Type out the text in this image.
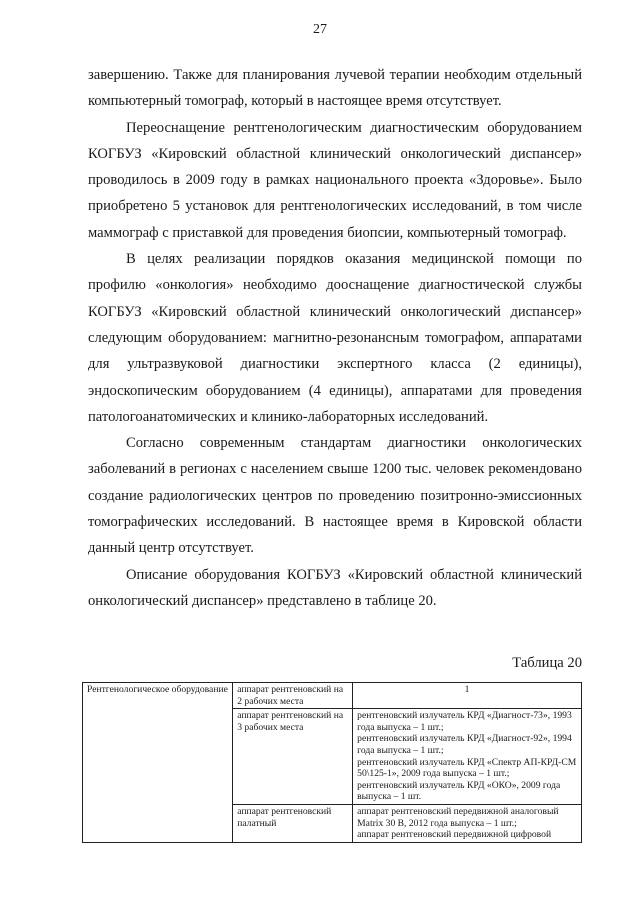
27

завершению. Также для планирования лучевой терапии необходим отдельный компьютерный томограф, который в настоящее время отсутствует.

Переоснащение рентгенологическим диагностическим оборудованием КОГБУЗ «Кировский областной клинический онкологический диспансер» проводилось в 2009 году в рамках национального проекта «Здоровье». Было приобретено 5 установок для рентгенологических исследований, в том числе маммограф с приставкой для проведения биопсии, компьютерный томограф.

В целях реализации порядков оказания медицинской помощи по профилю «онкология» необходимо дооснащение диагностической службы КОГБУЗ «Кировский областной клинический онкологический диспансер» следующим оборудованием: магнитно-резонансным томографом, аппаратами для ультразвуковой диагностики экспертного класса (2 единицы), эндоскопическим оборудованием (4 единицы), аппаратами для проведения патологоанатомических и клинико-лабораторных исследований.

Согласно современным стандартам диагностики онкологических заболеваний в регионах с населением свыше 1200 тыс. человек рекомендовано создание радиологических центров по проведению позитронно-эмиссионных томографических исследований. В настоящее время в Кировской области данный центр отсутствует.

Описание оборудования КОГБУЗ «Кировский областной клинический онкологический диспансер» представлено в таблице 20.

Таблица 20
Рентгенологическое оборудование	аппарат рентгеновский на 2 рабочих места	1

	аппарат рентгеновский на 3 рабочих места	рентгеновский излучатель КРД «Диагност-73», 1993 года выпуска – 1 шт.;
рентгеновский излучатель КРД «Диагност-92», 1994 года выпуска – 1 шт.;
рентгеновский излучатель КРД «Спектр АП-КРД-СМ 50\125-1», 2009 года выпуска – 1 шт.;
рентгеновский излучатель КРД «ОКО», 2009 года выпуска – 1 шт.

	аппарат рентгеновский палатный	аппарат рентгеновский передвижной аналоговый Matrix 30 B, 2012 года выпуска – 1 шт.;
аппарат рентгеновский передвижной цифровой
